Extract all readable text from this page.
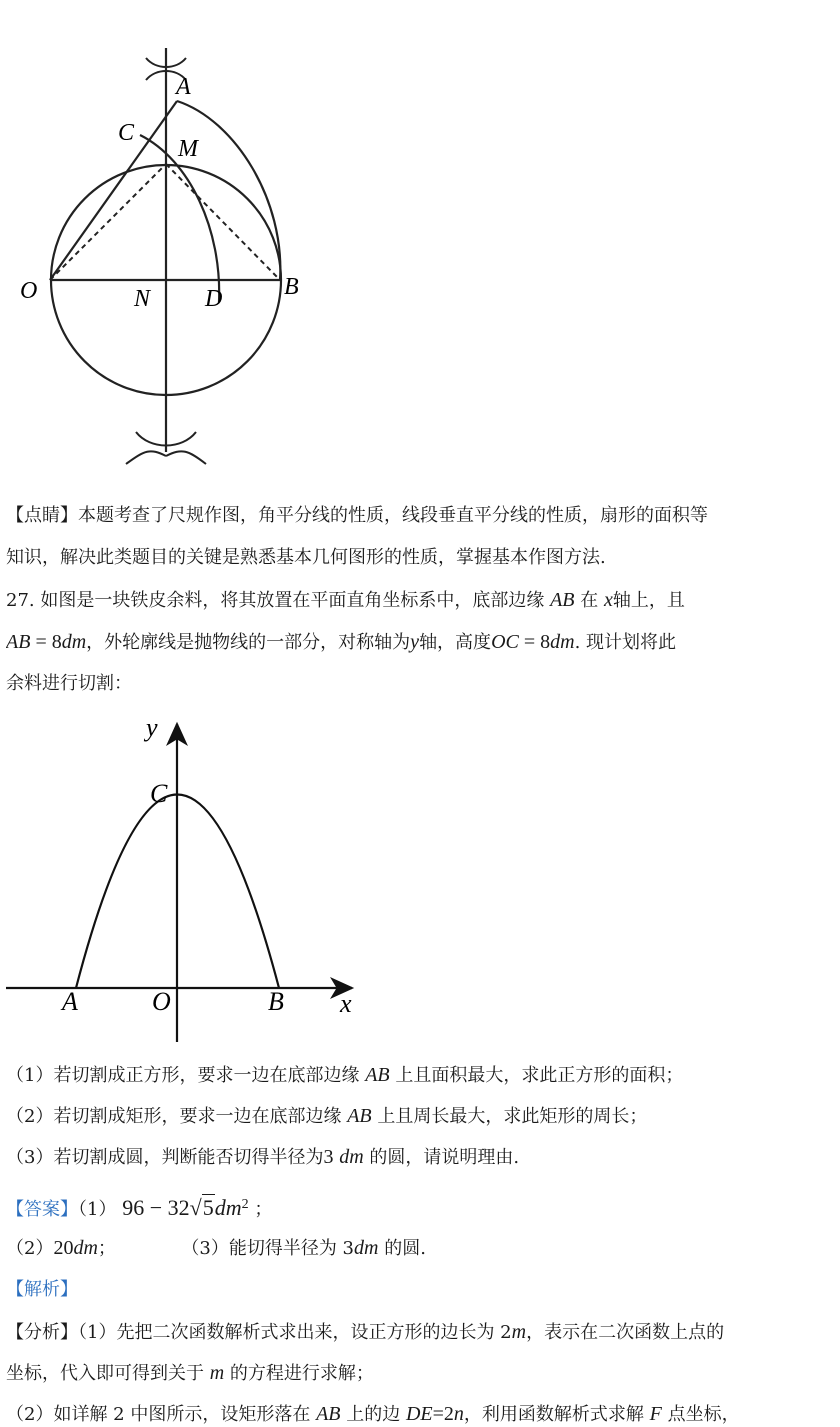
A
C
M
O	N D	B
【点睛】本题考查了尺规作图，角平分线的性质，线段垂直平分线的性质，扇形的面积等
知识，解决此类题目的关键是熟悉基本几何图形的性质，掌握基本作图方法.
27. 如图是一块铁皮余料，将其放置在平面直角坐标系中，底部边缘 AB 在 x轴上，且
AB = 8dm，外轮廓线是抛物线的一部分，对称轴为y轴，高度OC = 8dm. 现计划将此
余料进行切割：
y
C
A	O	B x
（1）若切割成正方形，要求一边在底部边缘 AB 上且面积最大，求此正方形的面积；
（2）若切割成矩形，要求一边在底部边缘 AB 上且周长最大，求此矩形的周长；
（3）若切割成圆，判断能否切得半径为3 dm 的圆，请说明理由.
【答案】（1） $96 - 32√5dm^2$ ；
（2）20dm；	（3）能切得半径为 3dm 的圆.
【解析】
【分析】（1）先把二次函数解析式求出来，设正方形的边长为 2m，表示在二次函数上点的
坐标，代入即可得到关于 m 的方程进行求解；
（2）如详解 2 中图所示，设矩形落在 AB 上的边 DE=2n，利用函数解析式求解 F 点坐标，
